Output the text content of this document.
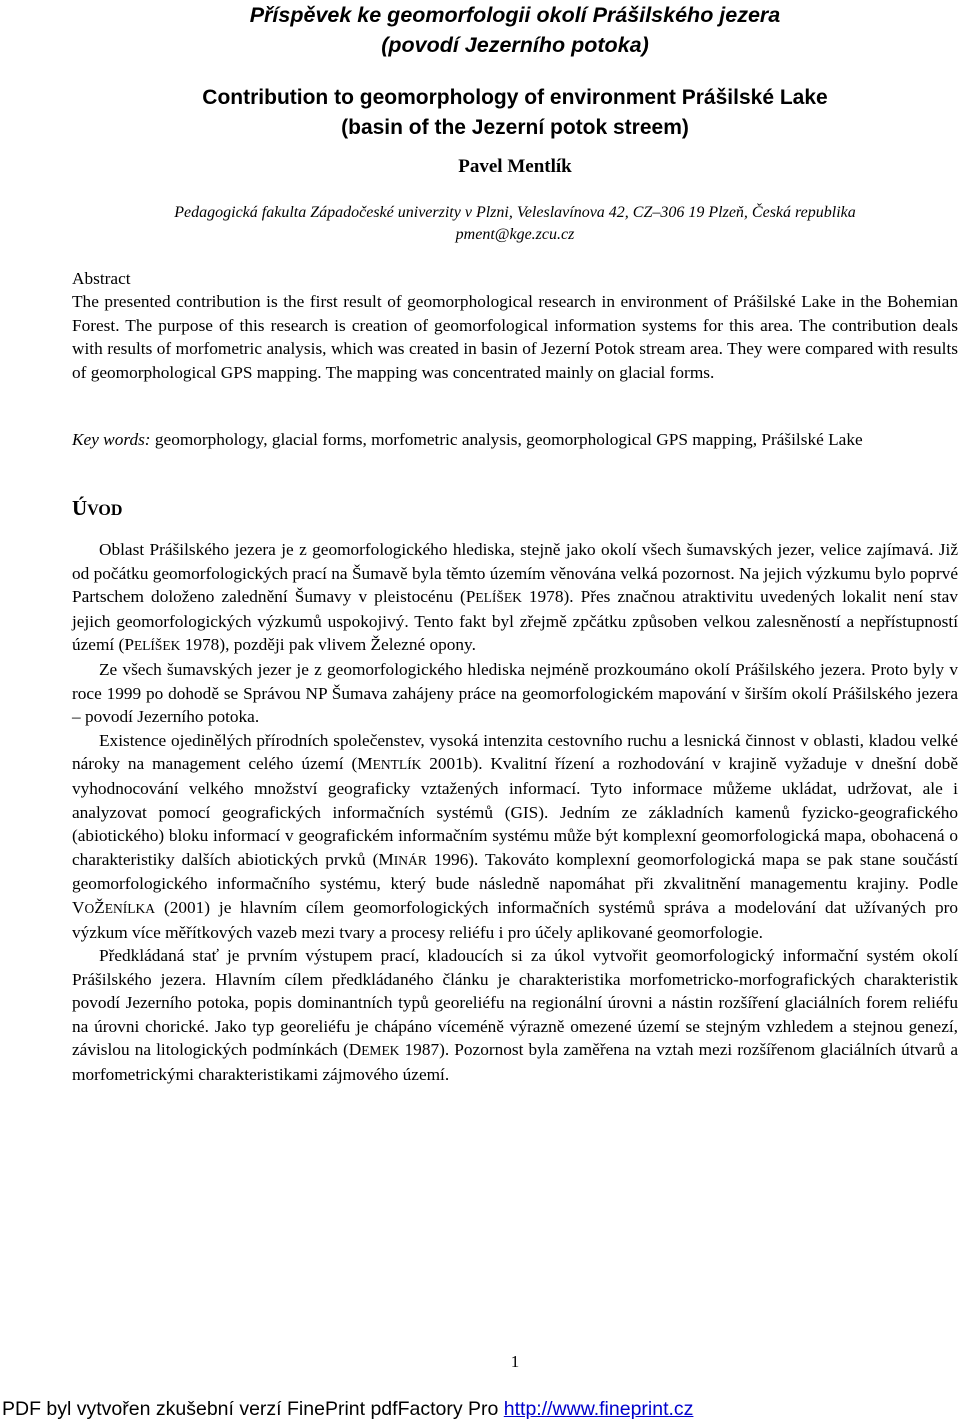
Příspěvek ke geomorfologii okolí Prášilského jezera
(povodí Jezerního potoka)
Contribution to geomorphology of environment Prášilské Lake
(basin of the Jezerní potok streem)

Pavel Mentlík

Pedagogická fakulta Západočeské univerzity v Plzni, Veleslavínova 42, CZ–306 19 Plzeň, Česká republika
pment@kge.zcu.cz

Abstract

The presented contribution is the first result of geomorphological research in environment of Prášilské Lake in the Bohemian Forest. The purpose of this research is creation of geomorfological information systems for this area. The contribution deals with results of morfometric analysis, which was created in basin of Jezerní Potok stream area. They were compared with results of geomorphological GPS mapping. The mapping was concentrated mainly on glacial forms.

Key words: geomorphology, glacial forms, morfometric analysis, geomorphological GPS mapping, Prášilské Lake

ÚVOD

Oblast Prášilského jezera je z geomorfologického hlediska, stejně jako okolí všech šumavských jezer, velice zajímavá. Již od počátku geomorfologických prací na Šumavě byla těmto územím věnována velká pozornost. Na jejich výzkumu bylo poprvé Partschem doloženo zalednění Šumavy v pleistocénu (PELÍŠEK 1978). Přes značnou atraktivitu uvedených lokalit není stav jejich geomorfologických výzkumů uspokojivý. Tento fakt byl zřejmě zpčátku způsoben velkou zalesněností a nepřístupností území (PELÍŠEK 1978), později pak vlivem Železné opony.

Ze všech šumavských jezer je z geomorfologického hlediska nejméně prozkoumáno okolí Prášilského jezera. Proto byly v roce 1999 po dohodě se Správou NP Šumava zahájeny práce na geomorfologickém mapování v širším okolí Prášilského jezera – povodí Jezerního potoka.

Existence ojedinělých přírodních společenstev, vysoká intenzita cestovního ruchu a lesnická činnost v oblasti, kladou velké nároky na management celého území (MENTLÍK 2001b). Kvalitní řízení a rozhodování v krajině vyžaduje v dnešní době vyhodnocování velkého množství geograficky vztažených informací. Tyto informace můžeme ukládat, udržovat, ale i analyzovat pomocí geografických informačních systémů (GIS). Jedním ze základních kamenů fyzicko-geografického (abiotického) bloku informací v geografickém informačním systému může být komplexní geomorfologická mapa, obohacená o charakteristiky dalších abiotických prvků (MINÁR 1996). Takováto komplexní geomorfologická mapa se pak stane součástí geomorfologického informačního systému, který bude následně napomáhat při zkvalitnění managementu krajiny. Podle VOŽENÍLKA (2001) je hlavním cílem geomorfologických informačních systémů správa a modelování dat užívaných pro výzkum více měřítkových vazeb mezi tvary a procesy reliéfu i pro účely aplikované geomorfologie.

Předkládaná stať je prvním výstupem prací, kladoucích si za úkol vytvořit geomorfologický informační systém okolí Prášilského jezera. Hlavním cílem předkládaného článku je charakteristika morfometricko-morfografických charakteristik povodí Jezerního potoka, popis dominantních typů georeliéfu na regionální úrovni a nástin rozšíření glaciálních forem reliéfu na úrovni chorické. Jako typ georeliéfu je chápáno víceméně výrazně omezené území se stejným vzhledem a stejnou genezí, závislou na litologických podmínkách (DEMEK 1987). Pozornost byla zaměřena na vztah mezi rozšířenom glaciálních útvarů a morfometrickými charakteristikami zájmového území.

1

PDF byl vytvořen zkušební verzí FinePrint pdfFactory Pro http://www.fineprint.cz
